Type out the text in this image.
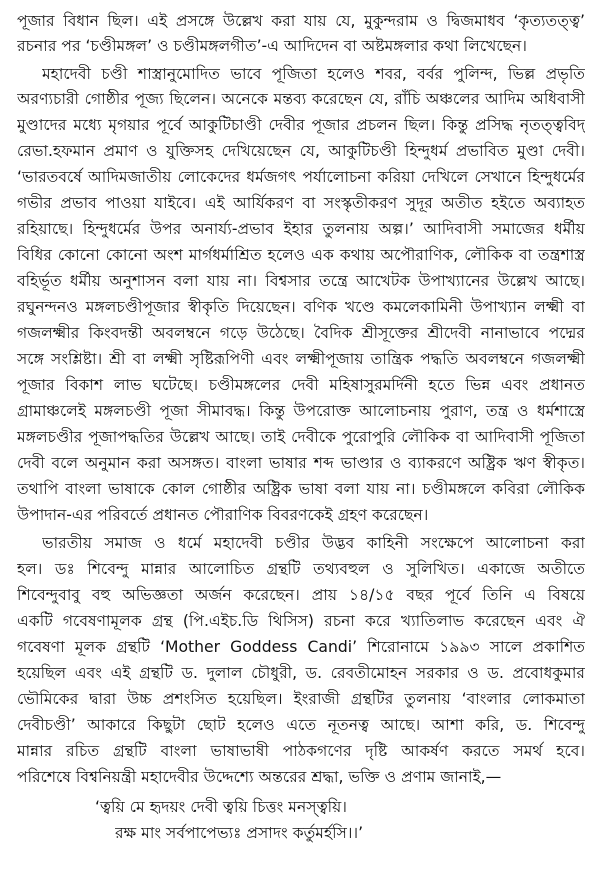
পূজার বিধান ছিল। এই প্রসঙ্গে উল্লেখ করা যায় যে, মুকুন্দরাম ও দ্বিজমাধব ‘কৃত্যতত্ত্ব’
রচনার পর ‘চণ্ডীমঙ্গল’ ও চণ্ডীমঙ্গলগীত’-এ আদিদেন বা অষ্টমঙ্গলার কথা লিখেছেন।
মহাদেবী চণ্ডী শাস্ত্রানুমোদিত ভাবে পূজিতা হলেও শবর, বর্বর পুলিন্দ, ভিল্ল প্রভৃতি
অরণ্যচারী গোষ্ঠীর পূজ্য ছিলেন। অনেকে মন্তব্য করেছেন যে, রাঁচি অঞ্চলের আদিম অধিবাসী
মুণ্ডাদের মধ্যে মৃগয়ার পূর্বে আকুটিচাণ্ডী দেবীর পূজার প্রচলন ছিল। কিন্তু প্রসিদ্ধ নৃতত্ত্ববিদ্
রেভা.হফমান প্রমাণ ও যুক্তিসহ দেখিয়েছেন যে, আকুটিচণ্ডী হিন্দুধর্ম প্রভাবিত মুণ্ডা দেবী।
‘ভারতবর্ষে আদিমজাতীয় লোকেদের ধর্মজগৎ পর্যালোচনা করিয়া দেখিলে সেখানে হিন্দুধর্মের
গভীর প্রভাব পাওয়া যাইবে। এই আর্যিকরণ বা সংস্কৃতীকরণ সুদূর অতীত হইতে অব্যাহত
রহিয়াছে। হিন্দুধর্মের উপর অনার্য্য-প্রভাব ইহার তুলনায় অল্প।’ আদিবাসী সমাজের ধর্মীয়
বিধির কোনো কোনো অংশ মার্গধর্মাশ্রিত হলেও এক কথায় অপৌরাণিক, লৌকিক বা তন্ত্রশাস্ত্র
বহির্ভূত ধর্মীয় অনুশাসন বলা যায় না। বিশ্বসার তন্ত্রে আখেটক উপাখ্যানের উল্লেখ আছে।
রঘুনন্দনও মঙ্গলচণ্ডীপূজার স্বীকৃতি দিয়েছেন। বণিক খণ্ডে কমলেকামিনী উপাখ্যান লক্ষ্মী বা
গজলক্ষ্মীর কিংবদন্তী অবলম্বনে গড়ে উঠেছে। বৈদিক শ্রীসূক্তের শ্রীদেবী নানাভাবে পদ্মের
সঙ্গে সংশ্লিষ্টা। শ্রী বা লক্ষ্মী সৃষ্টিরূপিণী এবং লক্ষ্মীপূজায় তান্ত্রিক পদ্ধতি অবলম্বনে গজলক্ষ্মী
পূজার বিকাশ লাভ ঘটেছে। চণ্ডীমঙ্গলের দেবী মহিষাসুরমর্দিনী হতে ভিন্ন এবং প্রধানত
গ্রামাঞ্চলেই মঙ্গলচণ্ডী পূজা সীমাবদ্ধ। কিন্তু উপরোক্ত আলোচনায় পুরাণ, তন্ত্র ও ধর্মশাস্ত্রে
মঙ্গলচণ্ডীর পূজাপদ্ধতির উল্লেখ আছে। তাই দেবীকে পুরোপুরি লৌকিক বা আদিবাসী পূজিতা
দেবী বলে অনুমান করা অসঙ্গত। বাংলা ভাষার শব্দ ভাণ্ডার ও ব্যাকরণে অষ্ট্রিক ঋণ স্বীকৃত।
তথাপি বাংলা ভাষাকে কোল গোষ্ঠীর অষ্ট্রিক ভাষা বলা যায় না। চণ্ডীমঙ্গলে কবিরা লৌকিক
উপাদান-এর পরিবর্তে প্রধানত পৌরাণিক বিবরণকেই গ্রহণ করেছেন।
ভারতীয় সমাজ ও ধর্মে মহাদেবী চণ্ডীর উদ্ভব কাহিনী সংক্ষেপে আলোচনা করা
হল। ডঃ শিবেন্দু মান্নার আলোচিত গ্রন্থটি তথ্যবহুল ও সুলিখিত। একাজে অতীতে
শিবেন্দুবাবু বহু অভিজ্ঞতা অর্জন করেছেন। প্রায় ১৪/১৫ বছর পূর্বে তিনি এ বিষয়ে
একটি গবেষণামূলক গ্রন্থ (পি.এইচ.ডি থিসিস) রচনা করে খ্যাতিলাভ করেছেন এবং ঐ
গবেষণা মূলক গ্রন্থটি ‘Mother Goddess Candi’ শিরোনামে ১৯৯৩ সালে প্রকাশিত
হয়েছিল এবং এই গ্রন্থটি ড. দুলাল চৌধুরী, ড. রেবতীমোহন সরকার ও ড. প্রবোধকুমার
ভৌমিকের দ্বারা উচ্চ প্রশংসিত হয়েছিল। ইংরাজী গ্রন্থটির তুলনায় ‘বাংলার লোকমাতা
দেবীচণ্ডী’ আকারে কিছুটা ছোট হলেও এতে নূতনত্ব আছে। আশা করি, ড. শিবেন্দু
মান্নার রচিত গ্রন্থটি বাংলা ভাষাভাষী পাঠকগণের দৃষ্টি আকর্ষণ করতে সমর্থ হবে।
পরিশেষে বিশ্বনিয়ন্ত্রী মহাদেবীর উদ্দেশ্যে অন্তরের শ্রদ্ধা, ভক্তি ও প্রণাম জানাই,—
‘ত্বয়ি মে হৃদয়ং দেবী ত্বয়ি চিত্তং মনস্ত্বয়ি।
রক্ষ মাং সর্বপাপেভ্যঃ প্রসাদং কর্তুমর্হসি।।’
